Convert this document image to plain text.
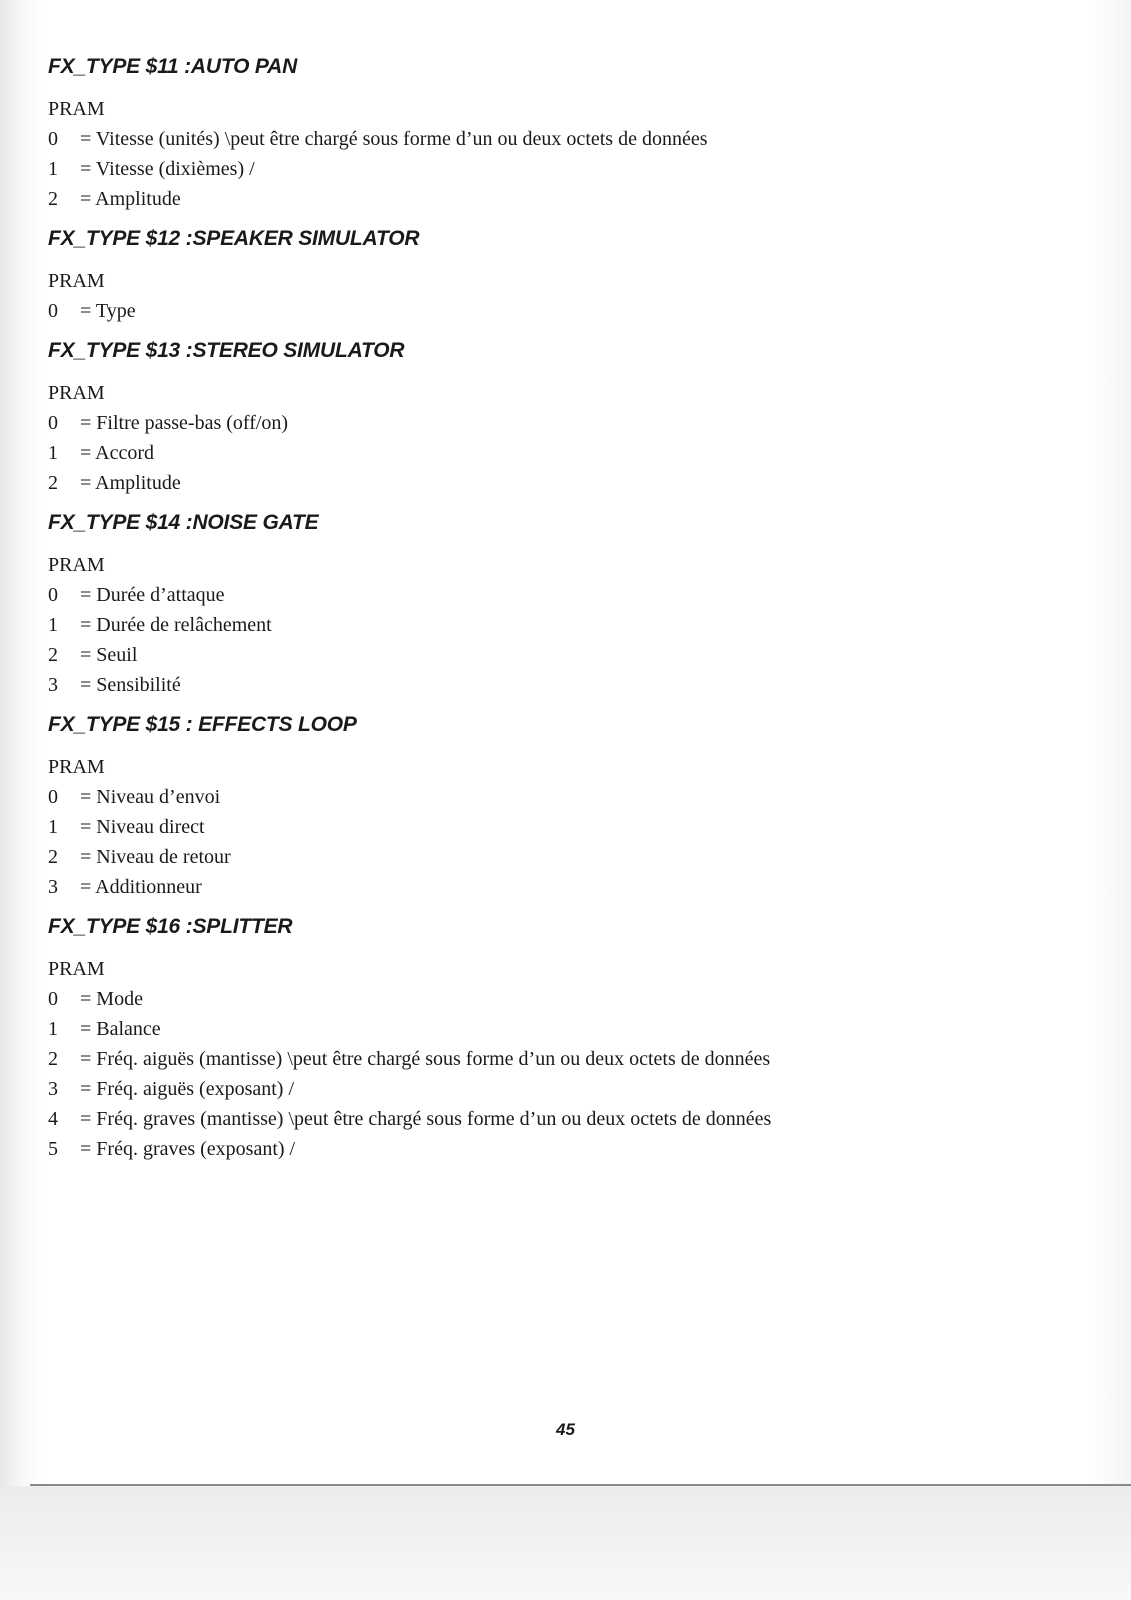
FX_TYPE $11 :AUTO PAN
PRAM
0	= Vitesse (unités) \peut être chargé sous forme d’un ou deux octets de données
1	= Vitesse (dixièmes) /
2	= Amplitude
FX_TYPE $12 :SPEAKER SIMULATOR
PRAM
0	= Type
FX_TYPE $13 :STEREO SIMULATOR
PRAM
0	= Filtre passe-bas (off/on)
1	= Accord
2	= Amplitude
FX_TYPE $14 :NOISE GATE
PRAM
0	= Durée d’attaque
1	= Durée de relâchement
2	= Seuil
3	= Sensibilité
FX_TYPE $15 : EFFECTS LOOP
PRAM
0	= Niveau d’envoi
1	= Niveau direct
2	= Niveau de retour
3	= Additionneur
FX_TYPE $16 :SPLITTER
PRAM
0	= Mode
1	= Balance
2	= Fréq. aiguës (mantisse) \peut être chargé sous forme d’un ou deux octets de données
3	= Fréq. aiguës (exposant) /
4	= Fréq. graves (mantisse) \peut être chargé sous forme d’un ou deux octets de données
5	= Fréq. graves (exposant) /
45
